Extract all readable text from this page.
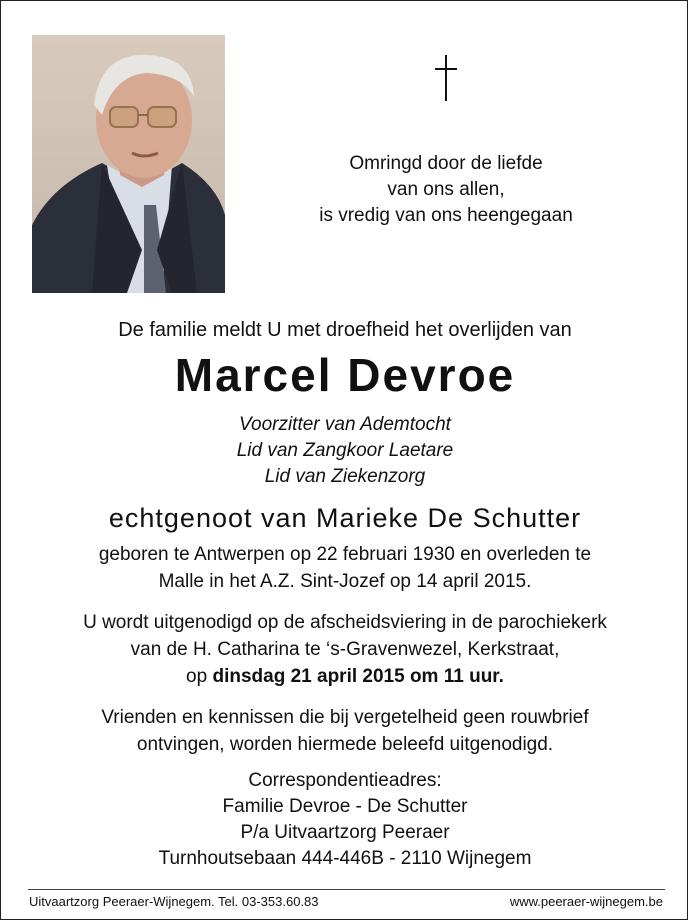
Omringd door de liefde
van ons allen,
is vredig van ons heengegaan
De familie meldt U met droefheid het overlijden van
Marcel Devroe
Voorzitter van Ademtocht
Lid van Zangkoor Laetare
Lid van Ziekenzorg
echtgenoot van Marieke De Schutter
geboren te Antwerpen op 22 februari 1930 en overleden te
Malle in het A.Z. Sint-Jozef op 14 april 2015.
U wordt uitgenodigd op de afscheidsviering in de parochiekerk
van de H. Catharina te ‘s-Gravenwezel, Kerkstraat,
op dinsdag 21 april 2015 om 11 uur.
Vrienden en kennissen die bij vergetelheid geen rouwbrief
ontvingen, worden hiermede beleefd uitgenodigd.
Correspondentieadres:
Familie Devroe - De Schutter
P/a Uitvaartzorg Peeraer
Turnhoutsebaan 444-446B - 2110 Wijnegem
Uitvaartzorg Peeraer-Wijnegem. Tel. 03-353.60.83	www.peeraer-wijnegem.be
